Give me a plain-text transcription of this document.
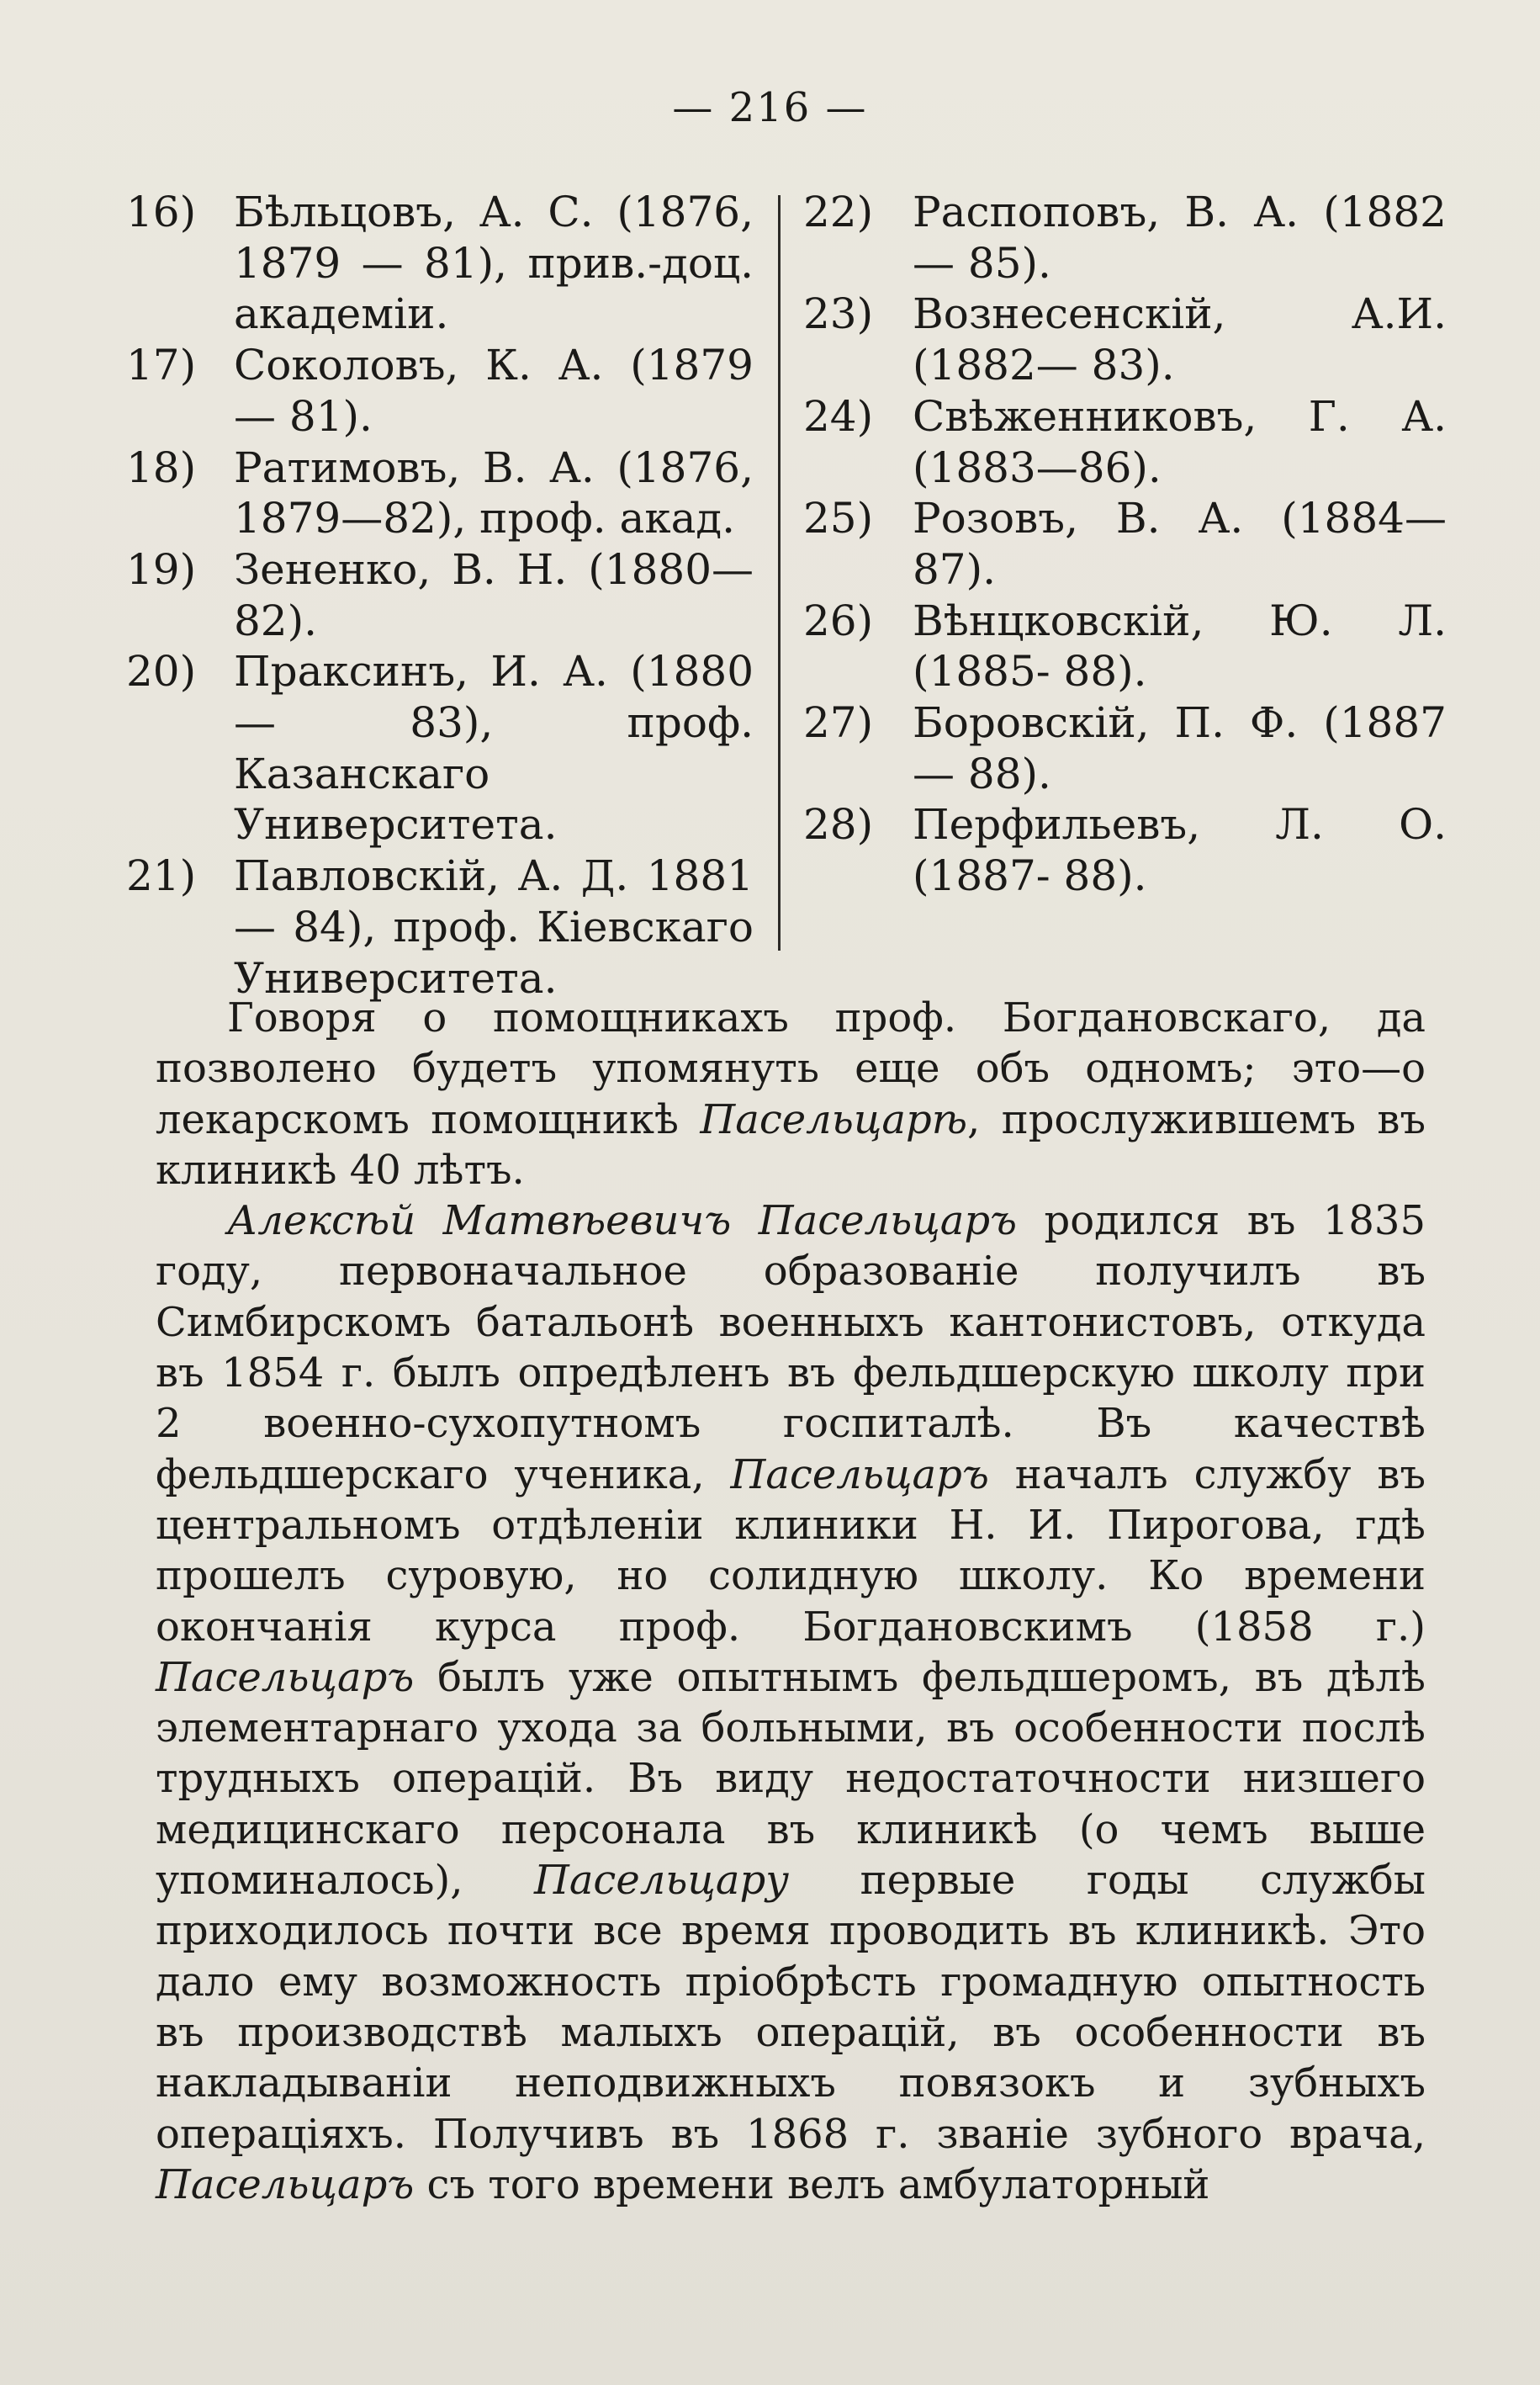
— 216 —
16) Бѣльцовъ, А. С. (1876, 1879 — 81), прив.-доц. академіи.
17) Соколовъ, К. А. (1879 — 81).
18) Ратимовъ, В. А. (1876, 1879—82), проф. акад.
19) Зененко, В. Н. (1880— 82).
20) Праксинъ, И. А. (1880— 83), проф. Казанскаго Университета.
21) Павловскій, А. Д. 1881— 84), проф. Кіевскаго Университета.
22) Распоповъ, В. А. (1882— 85).
23) Вознесенскій, А.И.(1882— 83).
24) Свѣженниковъ, Г. А. (1883—86).
25) Розовъ, В. А. (1884— 87).
26) Вѣнцковскій, Ю. Л. (1885- 88).
27) Боровскій, П. Ф. (1887— 88).
28) Перфильевъ, Л. О. (1887- 88).

Говоря о помощникахъ проф. Богдановскаго, да позволено будетъ упомянуть еще объ одномъ; это—о лекарскомъ помощникѣ Пасельцарѣ, прослужившемъ въ клиникѣ 40 лѣтъ.

Алексѣй Матвѣевичъ Пасельцаръ родился въ 1835 году, первоначальное образованіе получилъ въ Симбирскомъ батальонѣ военныхъ кантонистовъ, откуда въ 1854 г. былъ опредѣленъ въ фельдшерскую школу при 2 военно-сухопутномъ госпиталѣ. Въ качествѣ фельдшерскаго ученика, Пасельцаръ началъ службу въ центральномъ отдѣленіи клиники Н. И. Пирогова, гдѣ прошелъ суровую, но солидную школу. Ко времени окончанія курса проф. Богдановскимъ (1858 г.) Пасельцаръ былъ уже опытнымъ фельдшеромъ, въ дѣлѣ элементарнаго ухода за больными, въ особенности послѣ трудныхъ операцій. Въ виду недостаточности низшего медицинскаго персонала въ клиникѣ (о чемъ выше упоминалось), Пасельцару первые годы службы приходилось почти все время проводить въ клиникѣ. Это дало ему возможность пріобрѣсть громадную опытность въ производствѣ малыхъ операцій, въ особенности въ накладываніи неподвижныхъ повязокъ и зубныхъ операціяхъ. Получивъ въ 1868 г. званіе зубного врача, Пасельцаръ съ того времени велъ амбулаторный
